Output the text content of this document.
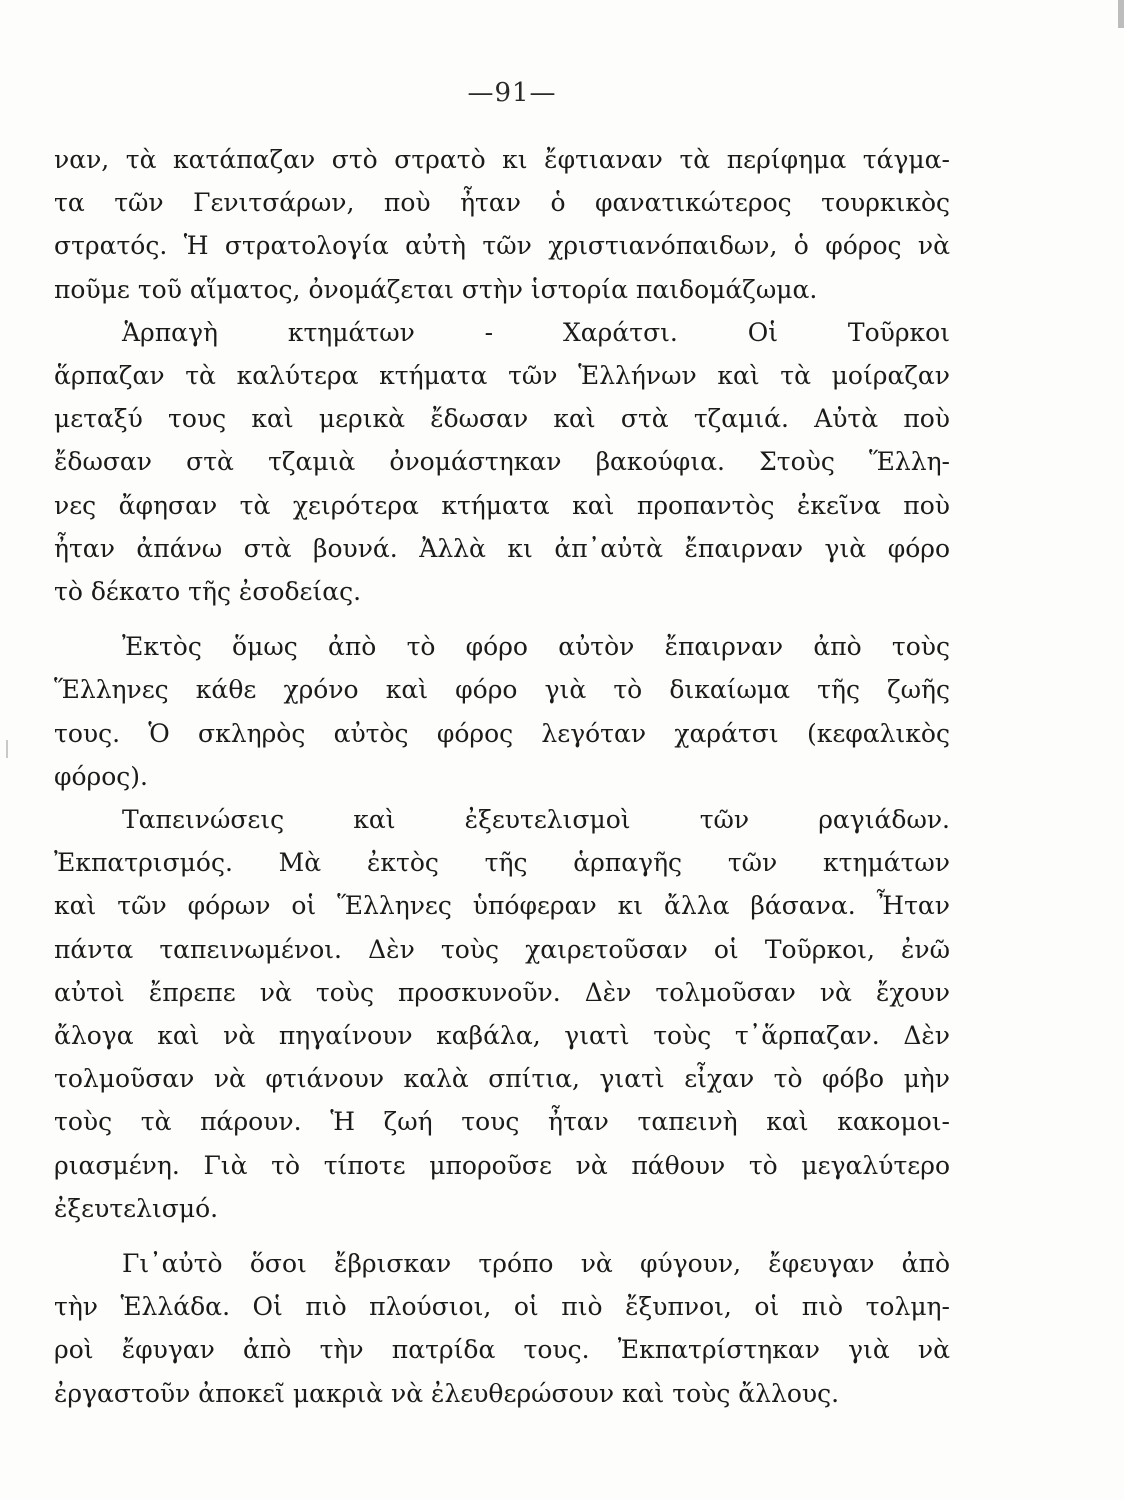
—91—

ναν, τὰ κατάπαζαν στὸ στρατὸ κι ἔφτιαναν τὰ περίφημα τάγμα-
τα τῶν Γενιτσάρων, ποὺ ἦταν ὁ φανατικώτερος τουρκικὸς
στρατός. Ἡ στρατολογία αὐτὴ τῶν χριστιανόπαιδων, ὁ φόρος νὰ
ποῦμε τοῦ αἵματος, ὀνομάζεται στὴν ἱστορία παιδομάζωμα.

Ἁρπαγὴ κτημάτων - Χαράτσι. Οἱ Τοῦρκοι
ἅρπαζαν τὰ καλύτερα κτήματα τῶν Ἑλλήνων καὶ τὰ μοίραζαν
μεταξύ τους καὶ μερικὰ ἔδωσαν καὶ στὰ τζαμιά. Αὐτὰ ποὺ
ἔδωσαν στὰ τζαμιὰ ὀνομάστηκαν βακούφια. Στοὺς Ἕλλη-
νες ἄφησαν τὰ χειρότερα κτήματα καὶ προπαντὸς ἐκεῖνα ποὺ
ἦταν ἀπάνω στὰ βουνά. Ἀλλὰ κι ἀπ᾽αὐτὰ ἔπαιρναν γιὰ φόρο
τὸ δέκατο τῆς ἐσοδείας.

Ἐκτὸς ὅμως ἀπὸ τὸ φόρο αὐτὸν ἔπαιρναν ἀπὸ τοὺς
Ἕλληνες κάθε χρόνο καὶ φόρο γιὰ τὸ δικαίωμα τῆς ζωῆς
τους. Ὁ σκληρὸς αὐτὸς φόρος λεγόταν χαράτσι (κεφαλικὸς
φόρος).

Ταπεινώσεις καὶ ἐξευτελισμοὶ τῶν ραγιάδων.
Ἐκπατρισμός. Μὰ ἐκτὸς τῆς ἁρπαγῆς τῶν κτημάτων
καὶ τῶν φόρων οἱ Ἕλληνες ὑπόφεραν κι ἄλλα βάσανα. Ἦταν
πάντα ταπεινωμένοι. Δὲν τοὺς χαιρετοῦσαν οἱ Τοῦρκοι, ἐνῶ
αὐτοὶ ἔπρεπε νὰ τοὺς προσκυνοῦν. Δὲν τολμοῦσαν νὰ ἔχουν
ἄλογα καὶ νὰ πηγαίνουν καβάλα, γιατὶ τοὺς τ᾽ἅρπαζαν. Δὲν
τολμοῦσαν νὰ φτιάνουν καλὰ σπίτια, γιατὶ εἶχαν τὸ φόβο μὴν
τοὺς τὰ πάρουν. Ἡ ζωή τους ἦταν ταπεινὴ καὶ κακομοι-
ριασμένη. Γιὰ τὸ τίποτε μποροῦσε νὰ πάθουν τὸ μεγαλύτερο
ἐξευτελισμό.

Γι᾽αὐτὸ ὅσοι ἔβρισκαν τρόπο νὰ φύγουν, ἔφευγαν ἀπὸ
τὴν Ἑλλάδα. Οἱ πιὸ πλούσιοι, οἱ πιὸ ἔξυπνοι, οἱ πιὸ τολμη-
ροὶ ἔφυγαν ἀπὸ τὴν πατρίδα τους. Ἐκπατρίστηκαν γιὰ νὰ
ἐργαστοῦν ἀποκεῖ μακριὰ νὰ ἐλευθερώσουν καὶ τοὺς ἄλλους.
